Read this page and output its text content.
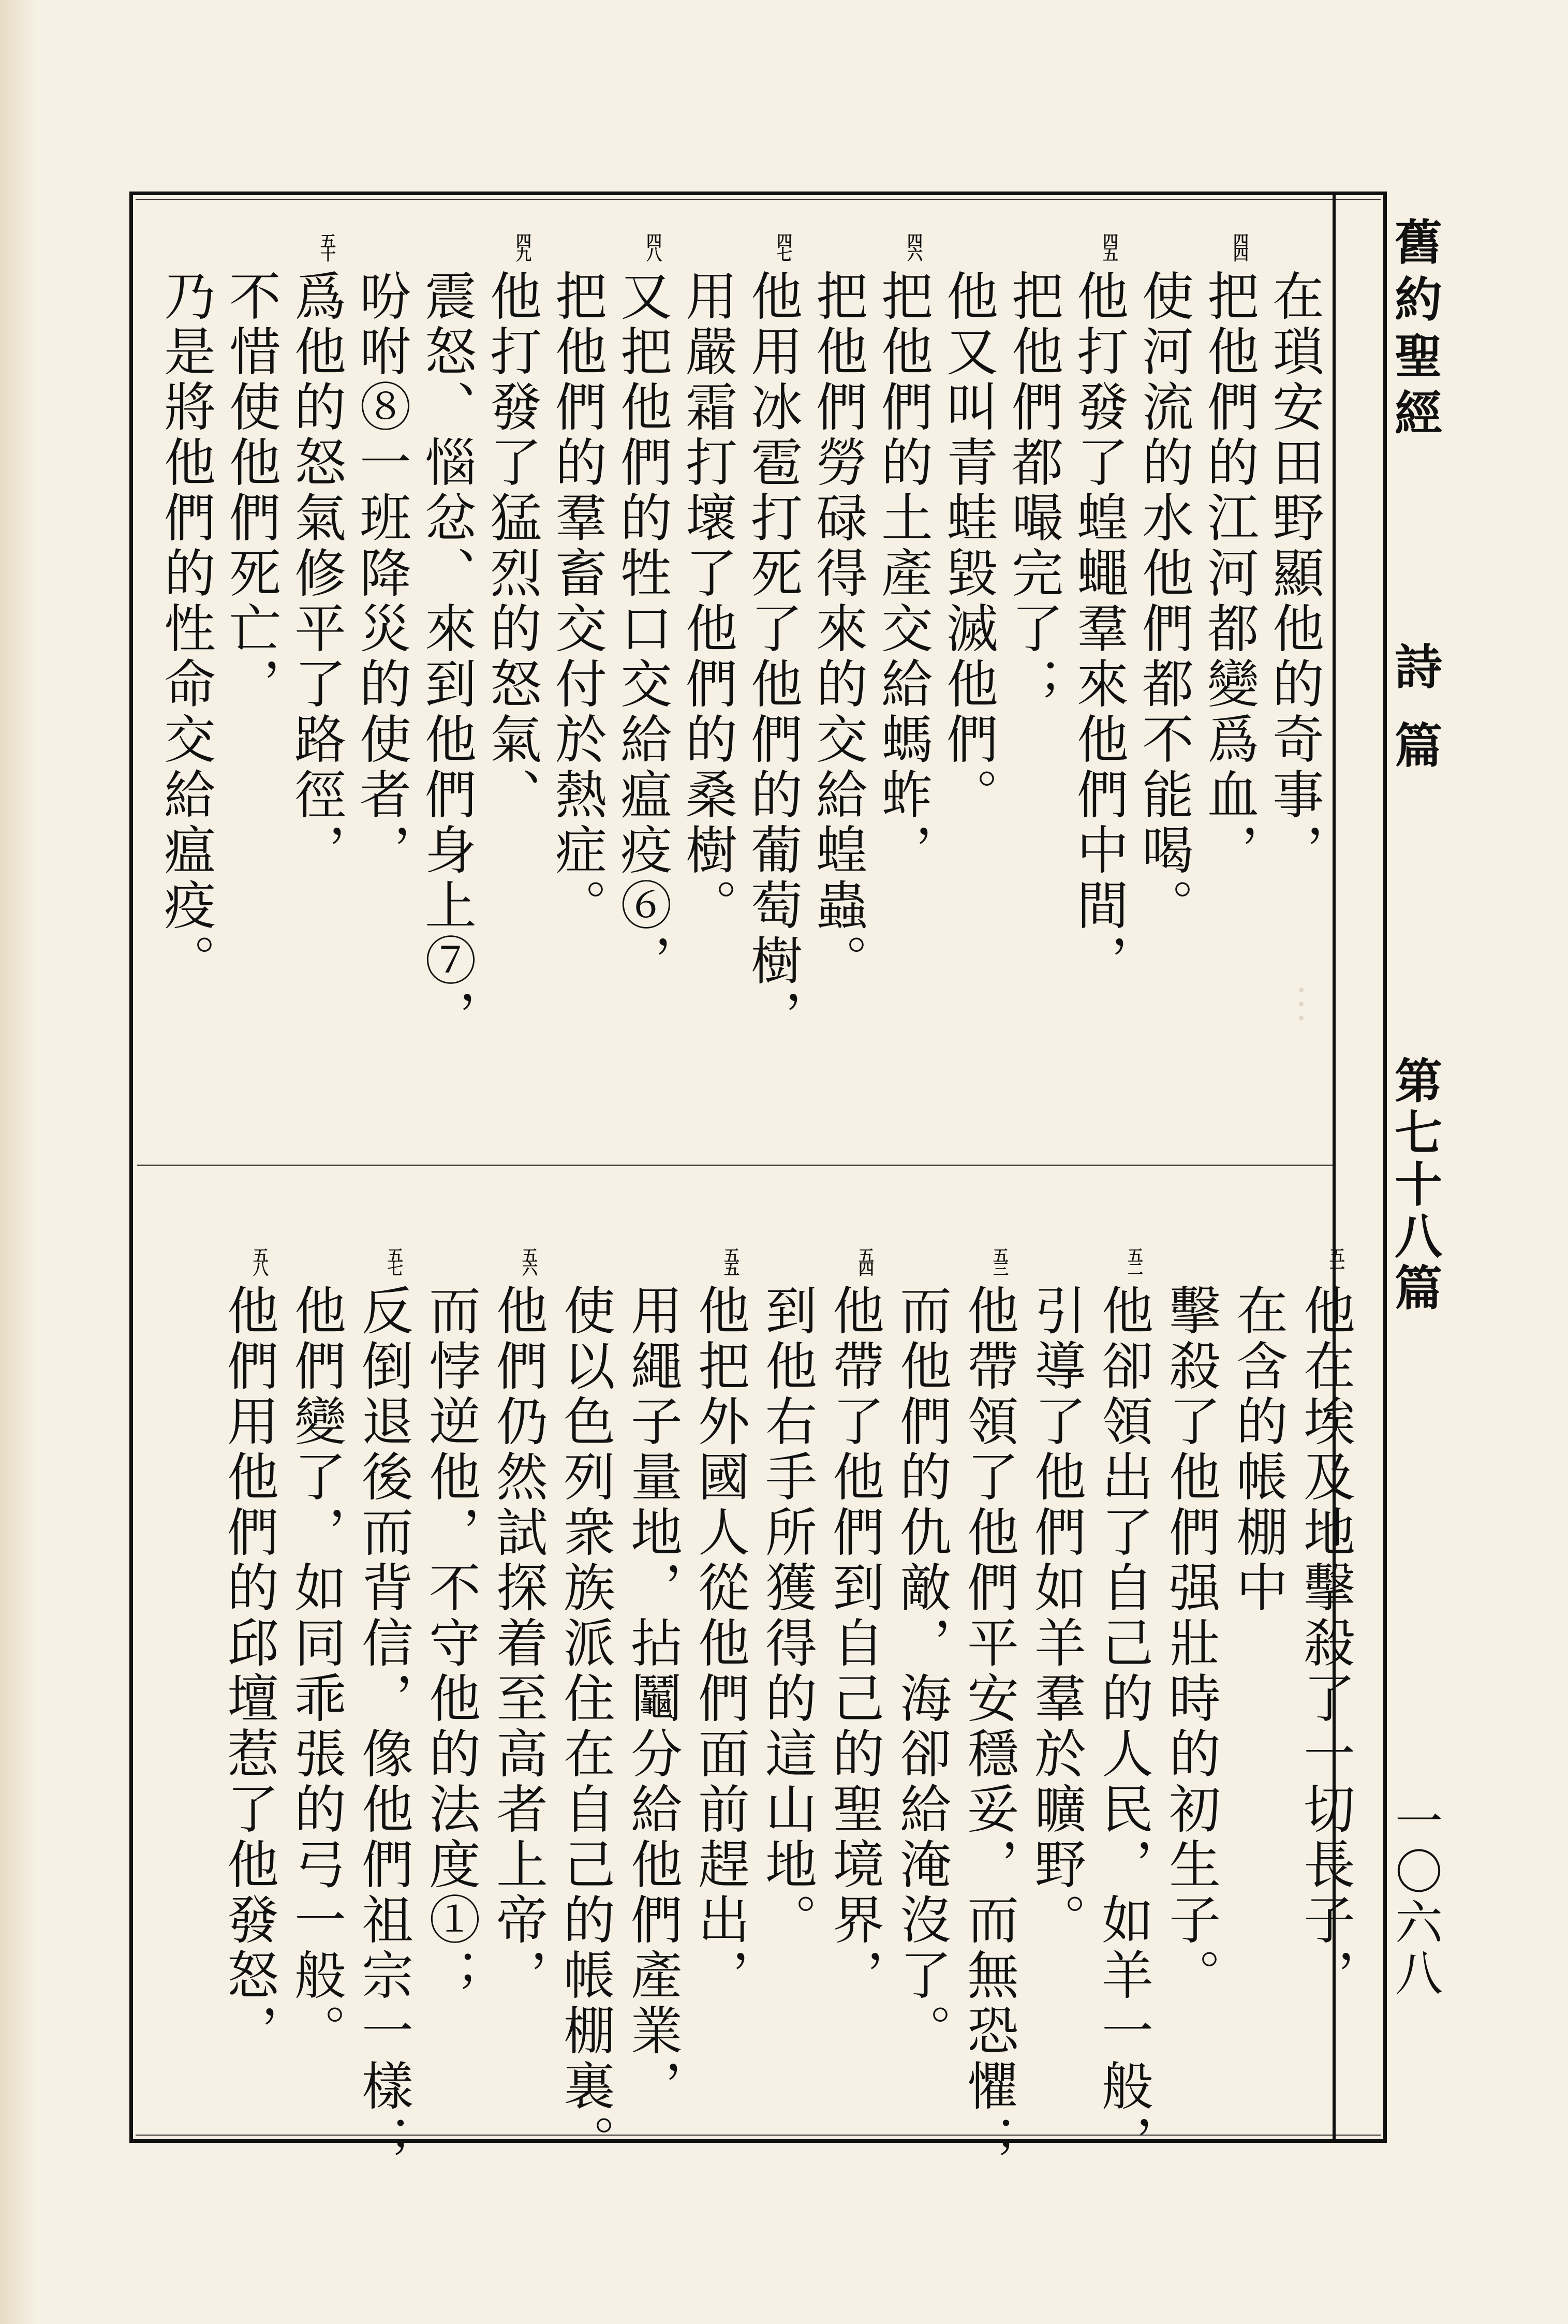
︙
舊約聖經
詩篇
第七十八篇
一〇六八
在瑣安田野顯他的奇事，
四四
把他們的江河都變爲血，
使河流的水他們都不能喝。
四五
他打發了蝗蠅羣來他們中間，
把他們都嘬完了；
他又叫青蛙毀滅他們。
四六
把他們的土產交給螞蚱，
把他們勞碌得來的交給蝗蟲。
四七
他用冰雹打死了他們的葡萄樹，
用嚴霜打壞了他們的桑樹。
四八
又把他們的牲口交給瘟疫⑥，
把他們的羣畜交付於熱症。
四九
他打發了猛烈的怒氣、
震怒、惱忿、來到他們身上⑦，
吩咐⑧一班降災的使者，
五十
爲他的怒氣修平了路徑，
不惜使他們死亡，
乃是將他們的性命交給瘟疫。
五一
他在埃及地擊殺了一切長子，
在含的帳棚中
擊殺了他們强壯時的初生子。
五二
他卻領出了自己的人民，如羊一般，
引導了他們如羊羣於曠野。
五三
他帶領了他們平安穩妥，而無恐懼；
而他們的仇敵，海卻給淹沒了。
五四
他帶了他們到自己的聖境界，
到他右手所獲得的這山地。
五五
他把外國人從他們面前趕出，
用繩子量地，拈鬮分給他們產業，
使以色列衆族派住在自己的帳棚裏。
五六
他們仍然試探着至高者上帝，
而悖逆他，不守他的法度①；
五七
反倒退後而背信，像他們祖宗一樣；
他們變了，如同乖張的弓一般。
五八
他們用他們的邱壇惹了他發怒，
